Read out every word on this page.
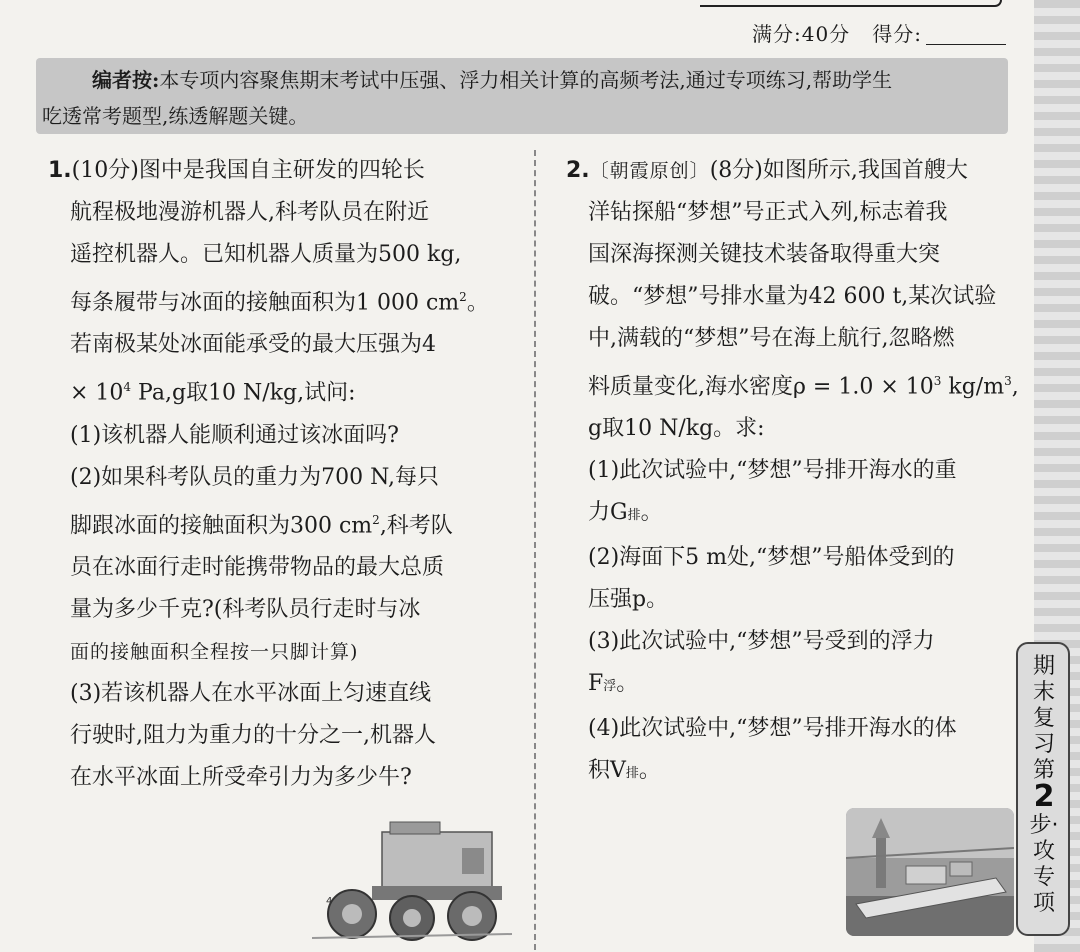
满分:40分 得分:
编者按:本专项内容聚焦期末考试中压强、浮力相关计算的高频考法,通过专项练习,帮助学生
吃透常考题型,练透解题关键。
1.(10分)图中是我国自主研发的四轮长
航程极地漫游机器人,科考队员在附近
遥控机器人。已知机器人质量为500 kg,
每条履带与冰面的接触面积为1 000 $cm^2$。
若南极某处冰面能承受的最大压强为4
× $10^4$ Pa,g取10 N/kg,试问:
(1)该机器人能顺利通过该冰面吗?
(2)如果科考队员的重力为700 N,每只
脚跟冰面的接触面积为300 $cm^2$,科考队
员在冰面行走时能携带物品的最大总质
量为多少千克?(科考队员行走时与冰
面的接触面积全程按一只脚计算)
(3)若该机器人在水平冰面上匀速直线
行驶时,阻力为重力的十分之一,机器人
在水平冰面上所受牵引力为多少牛?
2.〔朝霞原创〕(8分)如图所示,我国首艘大
洋钻探船“梦想”号正式入列,标志着我
国深海探测关键技术装备取得重大突
破。“梦想”号排水量为42 600 t,某次试验
中,满载的“梦想”号在海上航行,忽略燃
料质量变化,海水密度$\rho = 1.0 \times 10^3$ $kg/m^3$,
g取10 N/kg。求:
(1)此次试验中,“梦想”号排开海水的重
力G排。
(2)海面下5 m处,“梦想”号船体受到的
压强p。
(3)此次试验中,“梦想”号受到的浮力
F浮。
(4)此次试验中,“梦想”号排开海水的体
积V排。
4
期末复习第2步·攻专项
